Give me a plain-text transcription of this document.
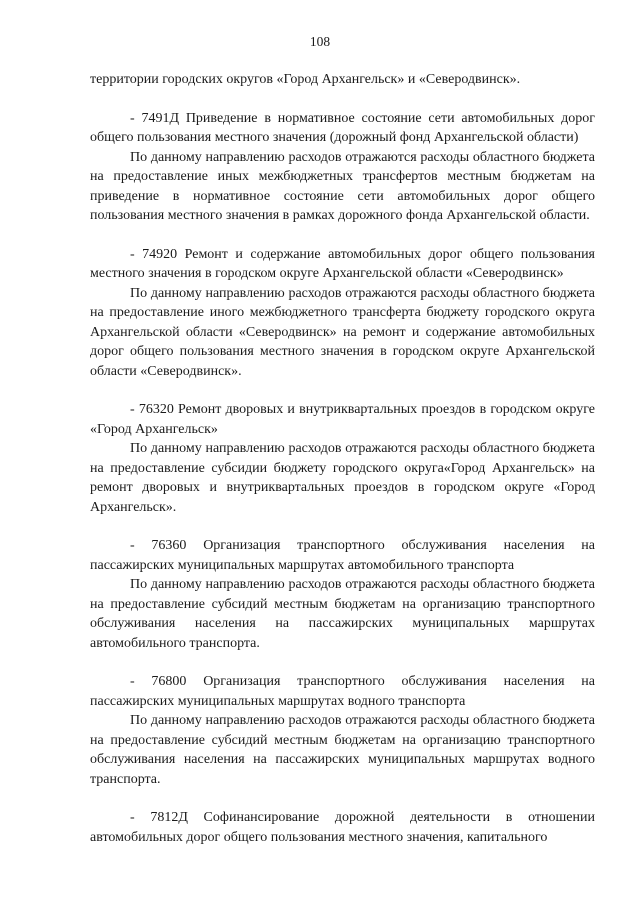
108

территории городских округов «Город Архангельск» и «Северодвинск».

- 7491Д Приведение в нормативное состояние сети автомобильных дорог общего пользования местного значения (дорожный фонд Архангельской области)

По данному направлению расходов отражаются расходы областного бюджета на предоставление иных межбюджетных трансфертов местным бюджетам на приведение в нормативное состояние сети автомобильных дорог общего пользования местного значения в рамках дорожного фонда Архангельской области.

- 74920 Ремонт и содержание автомобильных дорог общего пользования местного значения в городском округе Архангельской области «Северодвинск»

По данному направлению расходов отражаются расходы областного бюджета на предоставление иного межбюджетного трансферта бюджету городского округа Архангельской области «Северодвинск» на ремонт и содержание автомобильных дорог общего пользования местного значения в городском округе Архангельской области «Северодвинск».

- 76320 Ремонт дворовых и внутриквартальных проездов в городском округе «Город Архангельск»

По данному направлению расходов отражаются расходы областного бюджета на предоставление субсидии бюджету городского округа«Город Архангельск» на ремонт дворовых и внутриквартальных проездов в городском округе «Город Архангельск».

- 76360 Организация транспортного обслуживания населения на пассажирских муниципальных маршрутах автомобильного транспорта

По данному направлению расходов отражаются расходы областного бюджета на предоставление субсидий местным бюджетам на организацию транспортного обслуживания населения на пассажирских муниципальных маршрутах автомобильного транспорта.

- 76800 Организация транспортного обслуживания населения на пассажирских муниципальных маршрутах водного транспорта

По данному направлению расходов отражаются расходы областного бюджета на предоставление субсидий местным бюджетам на организацию транспортного обслуживания населения на пассажирских муниципальных маршрутах водного транспорта.

- 7812Д Софинансирование дорожной деятельности в отношении автомобильных дорог общего пользования местного значения, капитального
